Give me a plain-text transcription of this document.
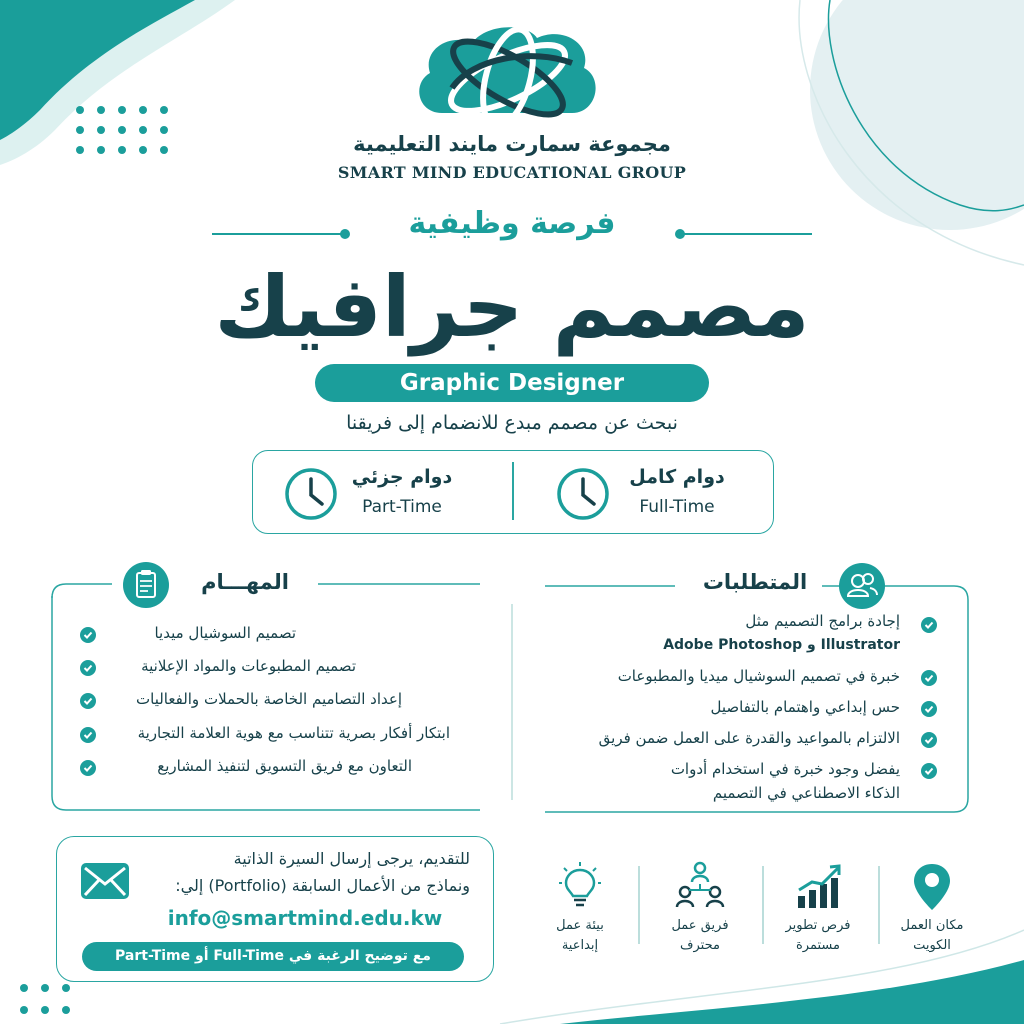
مجموعة سمارت مايند التعليمية
SMART MIND EDUCATIONAL GROUP
فرصة وظيفية
مصمم جرافيك
Graphic Designer
نبحث عن مصمم مبدع للانضمام إلى فريقنا
دوام كامل
Full-Time
دوام جزئي
Part-Time
المتطلبات
إجادة برامج التصميم مثل
Adobe Photoshop و Illustrator
خبرة في تصميم السوشيال ميديا والمطبوعات
حس إبداعي واهتمام بالتفاصيل
الالتزام بالمواعيد والقدرة على العمل ضمن فريق
يفضل وجود خبرة في استخدام أدوات
الذكاء الاصطناعي في التصميم
المهـــام
تصميم السوشيال ميديا
تصميم المطبوعات والمواد الإعلانية
إعداد التصاميم الخاصة بالحملات والفعاليات
ابتكار أفكار بصرية تتناسب مع هوية العلامة التجارية
التعاون مع فريق التسويق لتنفيذ المشاريع
للتقديم، يرجى إرسال السيرة الذاتية
ونماذج من الأعمال السابقة (Portfolio) إلي:
info@smartmind.edu.kw
مع توضيح الرغبة في Full-Time أو Part-Time
مكان العمل
الكويت
فرص تطوير
مستمرة
فريق عمل
محترف
بيئة عمل
إبداعية
